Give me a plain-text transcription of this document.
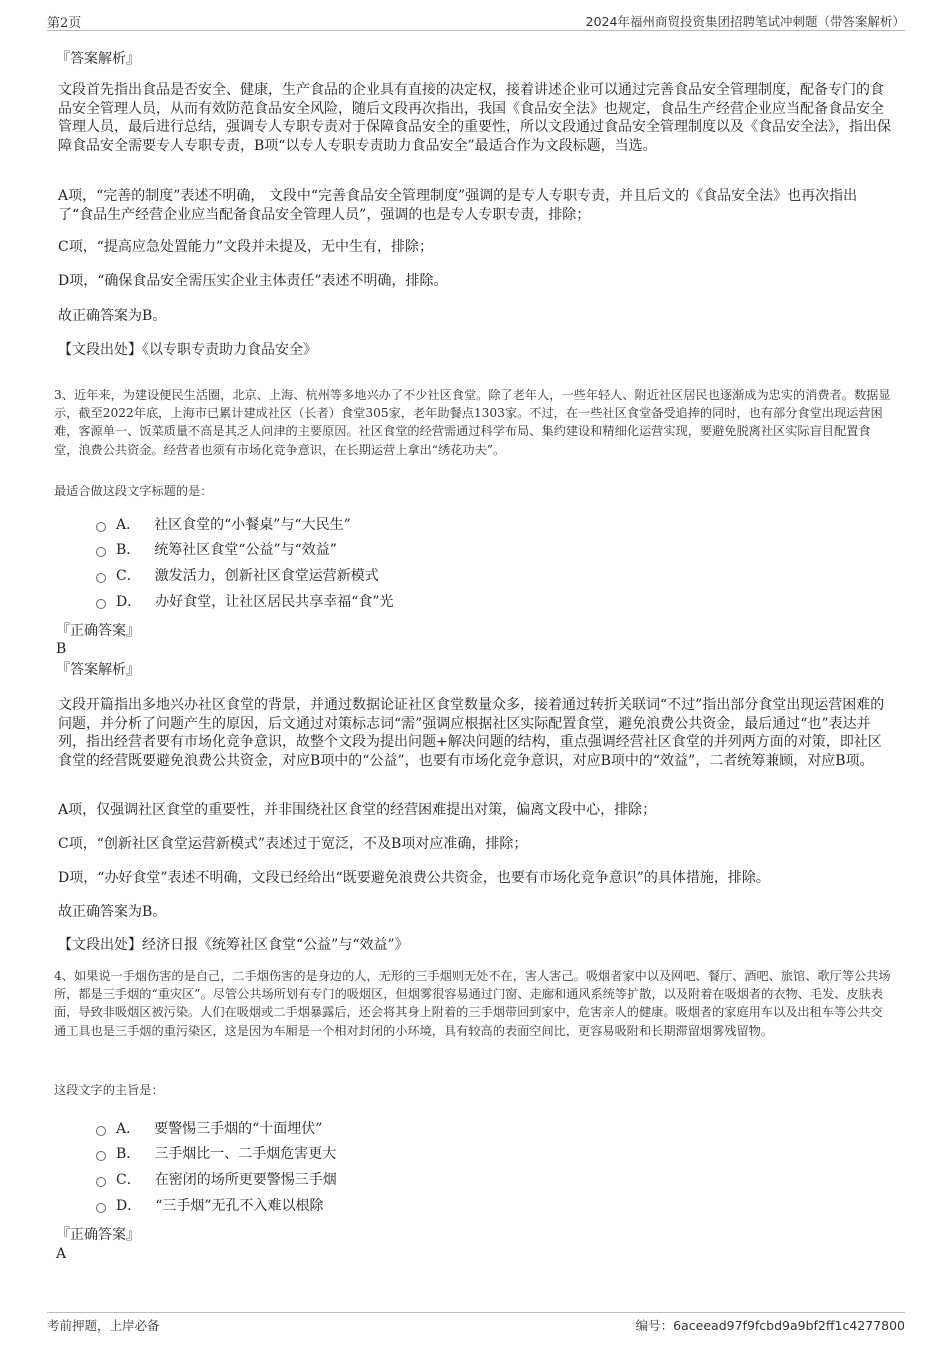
第2页	2024年福州商贸投资集团招聘笔试冲刺题（带答案解析）
『答案解析』
文段首先指出食品是否安全、健康，生产食品的企业具有直接的决定权，接着讲述企业可以通过完善食品安全管理制度，配备专门的食品安全管理人员，从而有效防范食品安全风险，随后文段再次指出，我国《食品安全法》也规定，食品生产经营企业应当配备食品安全管理人员，最后进行总结，强调专人专职专责对于保障食品安全的重要性，所以文段通过食品安全管理制度以及《食品安全法》，指出保障食品安全需要专人专职专责，B项“以专人专职专责助力食品安全”最适合作为文段标题，当选。
A项，“完善的制度”表述不明确， 文段中“完善食品安全管理制度”强调的是专人专职专责，并且后文的《食品安全法》也再次指出了“食品生产经营企业应当配备食品安全管理人员”，强调的也是专人专职专责，排除；
C项，“提高应急处置能力”文段并未提及，无中生有，排除；
D项，“确保食品安全需压实企业主体责任”表述不明确，排除。
故正确答案为B。
【文段出处】《以专职专责助力食品安全》
3、近年来，为建设便民生活圈，北京、上海、杭州等多地兴办了不少社区食堂。除了老年人，一些年轻人、附近社区居民也逐渐成为忠实的消费者。数据显示，截至2022年底，上海市已累计建成社区（长者）食堂305家，老年助餐点1303家。不过，在一些社区食堂备受追捧的同时，也有部分食堂出现运营困难，客源单一、饭菜质量不高是其乏人问津的主要原因。社区食堂的经营需通过科学布局、集约建设和精细化运营实现，要避免脱离社区实际盲目配置食堂，浪费公共资金。经营者也须有市场化竞争意识，在长期运营上拿出“绣花功夫”。
最适合做这段文字标题的是：
A． 社区食堂的“小餐桌”与“大民生”
B． 统筹社区食堂“公益”与“效益”
C． 激发活力，创新社区食堂运营新模式
D． 办好食堂，让社区居民共享幸福“食”光
『正确答案』
B
『答案解析』
文段开篇指出多地兴办社区食堂的背景，并通过数据论证社区食堂数量众多，接着通过转折关联词“不过”指出部分食堂出现运营困难的问题，并分析了问题产生的原因，后文通过对策标志词“需”强调应根据社区实际配置食堂，避免浪费公共资金，最后通过“也”表达并列，指出经营者要有市场化竞争意识，故整个文段为提出问题+解决问题的结构，重点强调经营社区食堂的并列两方面的对策，即社区食堂的经营既要避免浪费公共资金，对应B项中的“公益”，也要有市场化竞争意识，对应B项中的“效益”，二者统筹兼顾，对应B项。
A项，仅强调社区食堂的重要性，并非围绕社区食堂的经营困难提出对策，偏离文段中心，排除；
C项，“创新社区食堂运营新模式”表述过于宽泛，不及B项对应准确，排除；
D项，“办好食堂”表述不明确，文段已经给出“既要避免浪费公共资金，也要有市场化竞争意识”的具体措施，排除。
故正确答案为B。
【文段出处】经济日报《统筹社区食堂“公益”与“效益”》
4、如果说一手烟伤害的是自己，二手烟伤害的是身边的人，无形的三手烟则无处不在，害人害己。吸烟者家中以及网吧、餐厅、酒吧、旅馆、歌厅等公共场所，都是三手烟的“重灾区”。尽管公共场所划有专门的吸烟区，但烟雾很容易通过门窗、走廊和通风系统等扩散，以及附着在吸烟者的衣物、毛发、皮肤表面，导致非吸烟区被污染。人们在吸烟或二手烟暴露后，还会将其身上附着的三手烟带回到家中，危害亲人的健康。吸烟者的家庭用车以及出租车等公共交通工具也是三手烟的重污染区，这是因为车厢是一个相对封闭的小环境，具有较高的表面空间比，更容易吸附和长期滞留烟雾残留物。
这段文字的主旨是：
A． 要警惕三手烟的“十面埋伏”
B． 三手烟比一、二手烟危害更大
C． 在密闭的场所更要警惕三手烟
D． “三手烟”无孔不入难以根除
『正确答案』
A
考前押题，上岸必备	编号：6aceead97f9fcbd9a9bf2ff1c4277800
